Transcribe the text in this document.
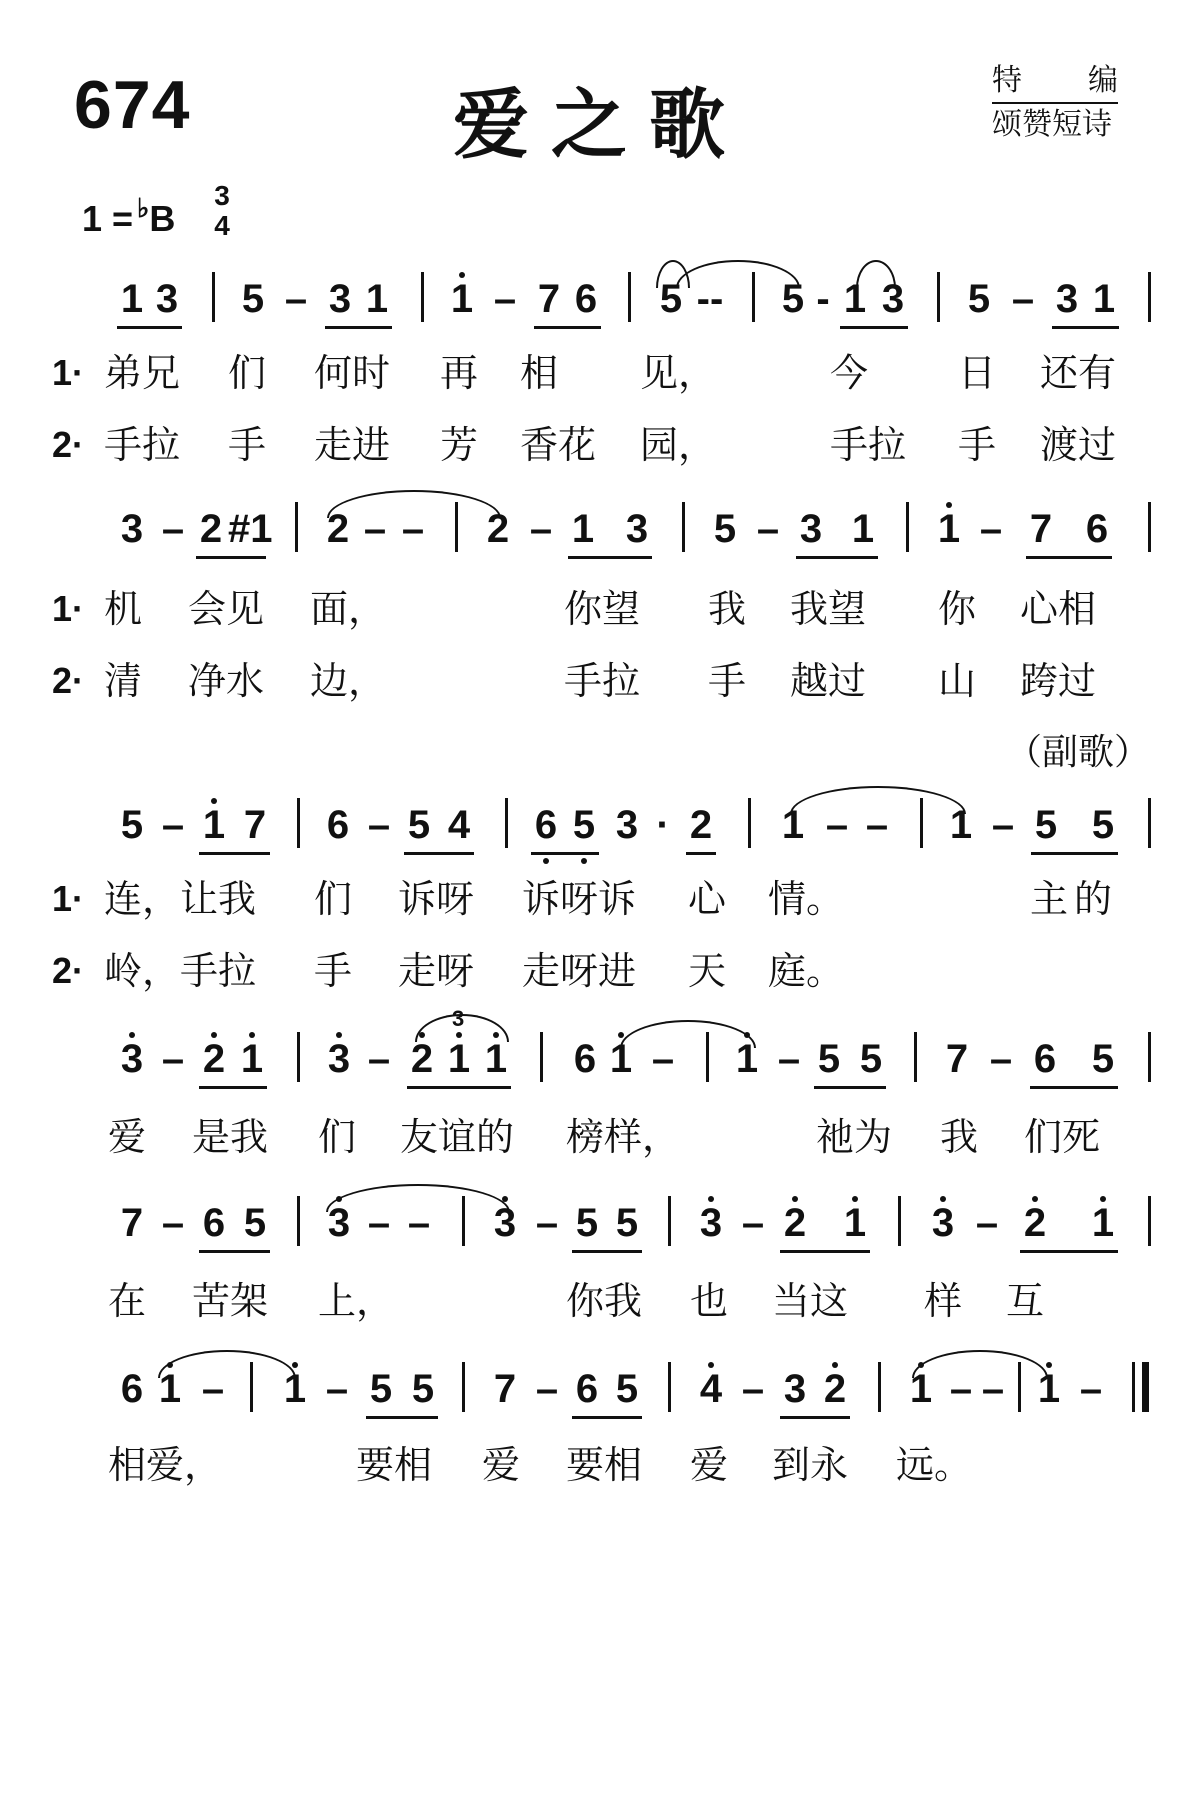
674	爱之歌	特 编
颂赞短诗
1 = ♭B
3
4
1 3 5 – 3 1 1 – 7 6 5 -- 5 - 1 3 5 – 3 1
1· 弟兄 们 何时 再 相 见，	今 日 还有
2· 手拉 手 走进 芳 香花 园，	手拉 手 渡过
3 – 2 #1 2 – – 2 – 1 3 5 – 3 1 1 – 7 6
1· 机 会见 面，	你望 我 我望 你 心相
2· 清 净水 边，	手拉 手 越过 山 跨过
（副歌）
5 – 1 7 6 – 5 4 6 5 3 · 2 1 – – 1 – 5 5
1· 连，让我 们 诉呀 诉呀诉 心 情。	主 的
2· 岭，手拉 手 走呀 走呀进 天 庭。
3
3 – 2 1 3 – 2 1 1 6 1 – 1 – 5 5 7 – 6 5
爱 是我 们 友谊的 榜样，	祂为 我 们死
7 – 6 5 3 – – 3 – 5 5 3 – 2 1 3 – 2 1
在 苦架 上，	你我 也 当这 样 互
6 1 – 1 – 5 5 7 – 6 5 4 – 3 2 1 – – 1 –
相爱，	要相 爱 要相 爱 到永 远。
